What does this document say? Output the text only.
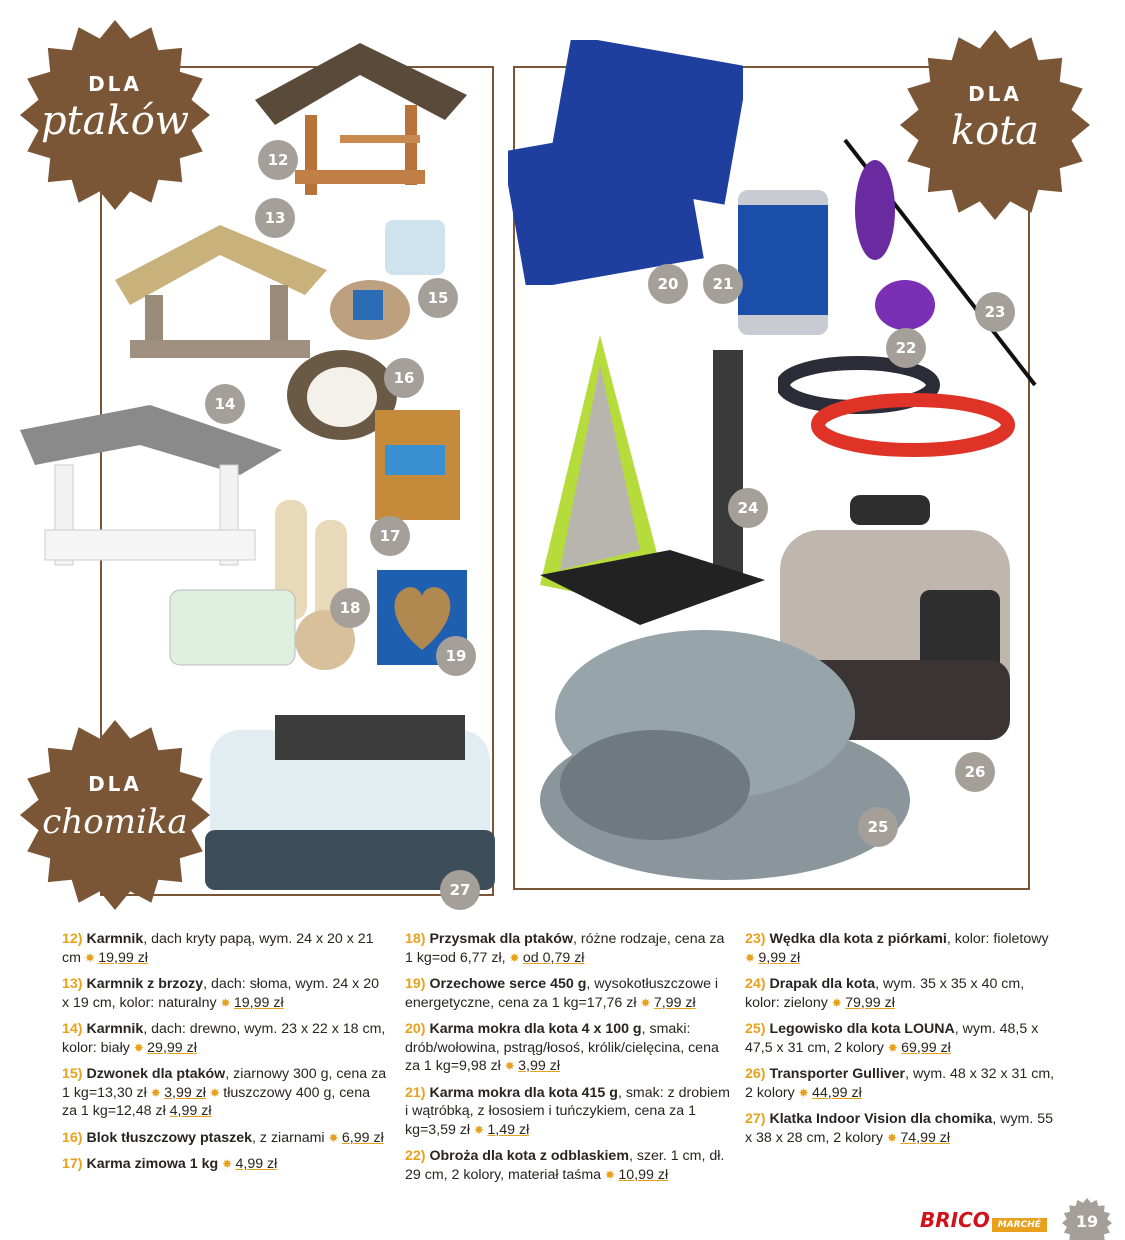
DLA
ptaków
DLA
kota
DLA
chomika
12
13
14
15
16
17
18
19
20	21
23
22
24
26
25
27
12) Karmnik, dach kryty papą, wym. 24 x 20 x 21 cm ✸ 19,99 zł
13) Karmnik z brzozy, dach: słoma, wym. 24 x 20 x 19 cm, kolor: naturalny ✸ 19,99 zł
14) Karmnik, dach: drewno, wym. 23 x 22 x 18 cm, kolor: biały ✸ 29,99 zł
15) Dzwonek dla ptaków, ziarnowy 300 g, cena za 1 kg=13,30 zł ✸ 3,99 zł ✸ tłuszczowy 400 g, cena za 1 kg=12,48 zł 4,99 zł
16) Blok tłuszczowy ptaszek, z ziarnami ✸ 6,99 zł
17) Karma zimowa 1 kg ✸ 4,99 zł
18) Przysmak dla ptaków, różne rodzaje, cena za 1 kg=od 6,77 zł, ✸ od 0,79 zł
19) Orzechowe serce 450 g, wysokotłuszczowe i energetyczne, cena za 1 kg=17,76 zł ✸ 7,99 zł
20) Karma mokra dla kota 4 x 100 g, smaki: drób/wołowina, pstrąg/łosoś, królik/cielęcina, cena za 1 kg=9,98 zł ✸ 3,99 zł
21) Karma mokra dla kota 415 g, smak: z drobiem i wątróbką, z łososiem i tuńczykiem, cena za 1 kg=3,59 zł ✸ 1,49 zł
22) Obroża dla kota z odblaskiem, szer. 1 cm, dł. 29 cm, 2 kolory, materiał taśma ✸ 10,99 zł
23) Wędka dla kota z piórkami, kolor: fioletowy ✸ 9,99 zł
24) Drapak dla kota, wym. 35 x 35 x 40 cm, kolor: zielony ✸ 79,99 zł
25) Legowisko dla kota LOUNA, wym. 48,5 x 47,5 x 31 cm, 2 kolory ✸ 69,99 zł
26) Transporter Gulliver, wym. 48 x 32 x 31 cm, 2 kolory ✸ 44,99 zł
27) Klatka Indoor Vision dla chomika, wym. 55 x 38 x 28 cm, 2 kolory ✸ 74,99 zł
BRICO MARCHÉ	19
